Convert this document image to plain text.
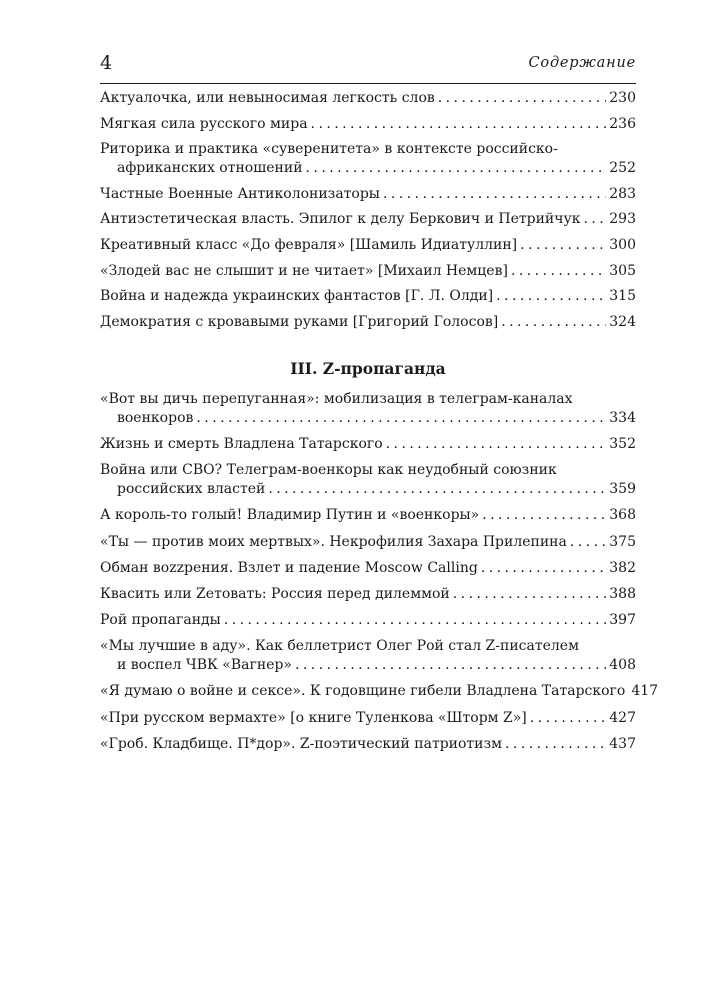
4	Содержание
Актуалочка, или невыносимая легкость слов . . .	230
Мягкая сила русского мира . . .	236
Риторика и практика «суверенитета» в контексте российско-
африканских отношений . . .	252
Частные Военные Антиколонизаторы . . .	283
Антиэстетическая власть. Эпилог к делу Беркович и Петрийчук . . . 293
Креативный класс «До февраля» [Шамиль Идиатуллин] . . .	300
«Злодей вас не слышит и не читает» [Михаил Немцев] . . .	305
Война и надежда украинских фантастов [Г. Л. Олди] . . .	315
Демократия с кровавыми руками [Григорий Голосов] . . .	324
III. Z-пропаганда
«Вот вы дичь перепуганная»: мобилизация в телеграм-каналах
военкоров . . .	334
Жизнь и смерть Владлена Татарского . . .	352
Война или СВО? Телеграм-военкоры как неудобный союзник
российских властей . . .	359
А король-то голый! Владимир Путин и «военкоры» . . .	368
«Ты — против моих мертвых». Некрофилия Захара Прилепина . . .	375
Обман воzzрения. Взлет и падение Moscow Calling . . .	382
Квасить или Zетовать: Россия перед дилеммой . . .	388
Рой пропаганды . . .	397
«Мы лучшие в аду». Как беллетрист Олег Рой стал Z-писателем
и воспел ЧВК «Вагнер» . . .	408
«Я думаю о войне и сексе». К годовщине гибели Владлена Татарского 417
«При русском вермахте» [о книге Туленкова «Шторм Z»] . . .	427
«Гроб. Кладбище. П*дор». Z-поэтический патриотизм . . .	437
